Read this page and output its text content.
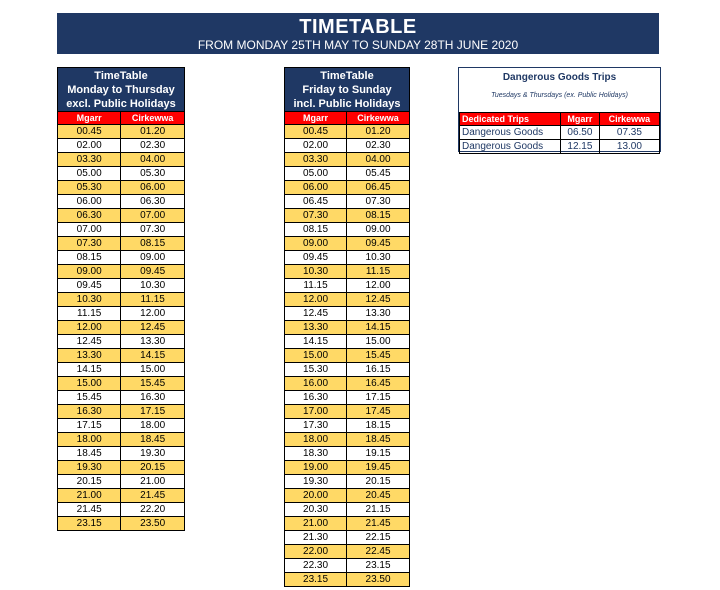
TIMETABLE
FROM MONDAY 25TH MAY TO SUNDAY 28TH JUNE 2020
TimeTable
Monday to Thursday
excl. Public Holidays	

Mgarr	Cirkewwa
00.45	01.20
02.00	02.30
03.30	04.00
05.00	05.30
05.30	06.00
06.00	06.30
06.30	07.00
07.00	07.30
07.30	08.15
08.15	09.00
09.00	09.45
09.45	10.30
10.30	11.15
11.15	12.00
12.00	12.45
12.45	13.30
13.30	14.15
14.15	15.00
15.00	15.45
15.45	16.30
16.30	17.15
17.15	18.00
18.00	18.45
18.45	19.30
19.30	20.15
20.15	21.00
21.00	21.45
21.45	22.20
23.15	23.50
TimeTable
Friday to Sunday
incl. Public Holidays	

Mgarr	Cirkewwa
00.45	01.20
02.00	02.30
03.30	04.00
05.00	05.45
06.00	06.45
06.45	07.30
07.30	08.15
08.15	09.00
09.00	09.45
09.45	10.30
10.30	11.15
11.15	12.00
12.00	12.45
12.45	13.30
13.30	14.15
14.15	15.00
15.00	15.45
15.30	16.15
16.00	16.45
16.30	17.15
17.00	17.45
17.30	18.15
18.00	18.45
18.30	19.15
19.00	19.45
19.30	20.15
20.00	20.45
20.30	21.15
21.00	21.45
21.30	22.15
22.00	22.45
22.30	23.15
23.15	23.50
Dangerous Goods Trips
Tuesdays & Thursdays (ex. Public Holidays)
Dedicated Trips	Mgarr	Cirkewwa
Dangerous Goods	06.50	07.35
Dangerous Goods	12.15	13.00
